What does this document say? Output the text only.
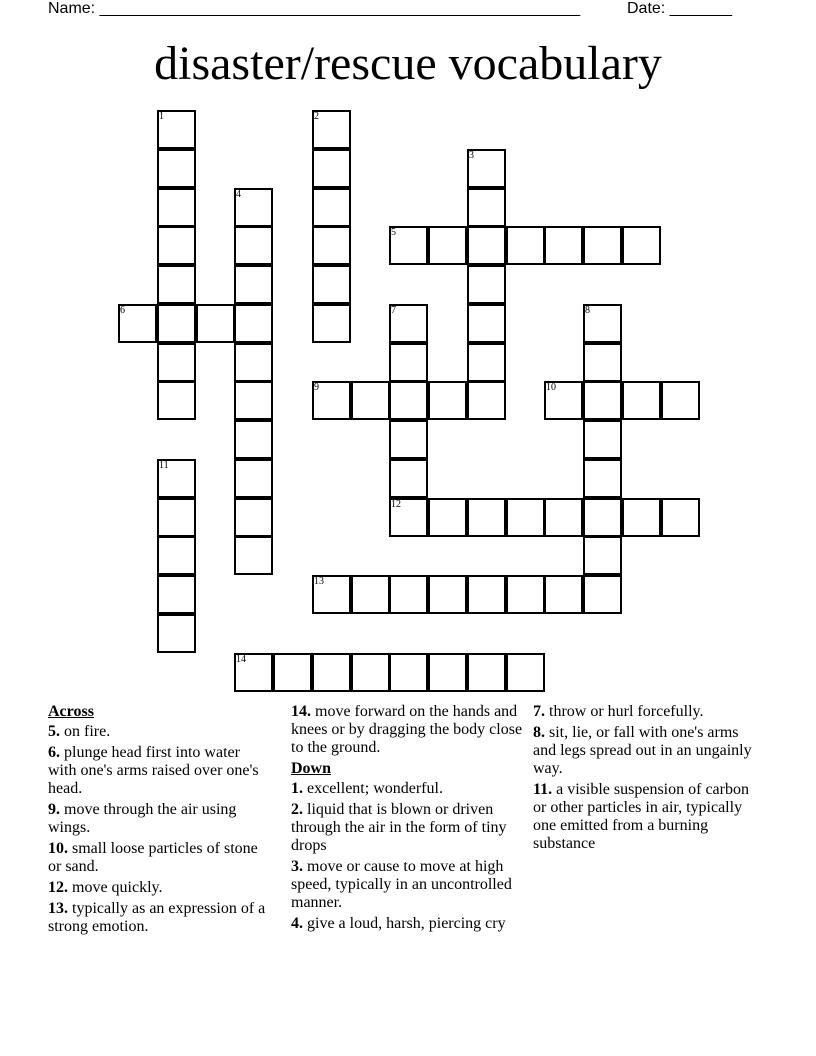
Name: ______________________________________________________	Date: _______
disaster/rescue vocabulary
1	2
3
4
5
6	7	8
9	10
11
12
13
14
Across
5. on fire.
6. plunge head first into water with one's arms raised over one's head.
9. move through the air using wings.
10. small loose particles of stone or sand.
12. move quickly.
13. typically as an expression of a strong emotion.
14. move forward on the hands and knees or by dragging the body close to the ground.
Down
1. excellent; wonderful.
2. liquid that is blown or driven through the air in the form of tiny drops
3. move or cause to move at high speed, typically in an uncontrolled manner.
4. give a loud, harsh, piercing cry
7. throw or hurl forcefully.
8. sit, lie, or fall with one's arms and legs spread out in an ungainly way.
11. a visible suspension of carbon or other particles in air, typically one emitted from a burning substance
